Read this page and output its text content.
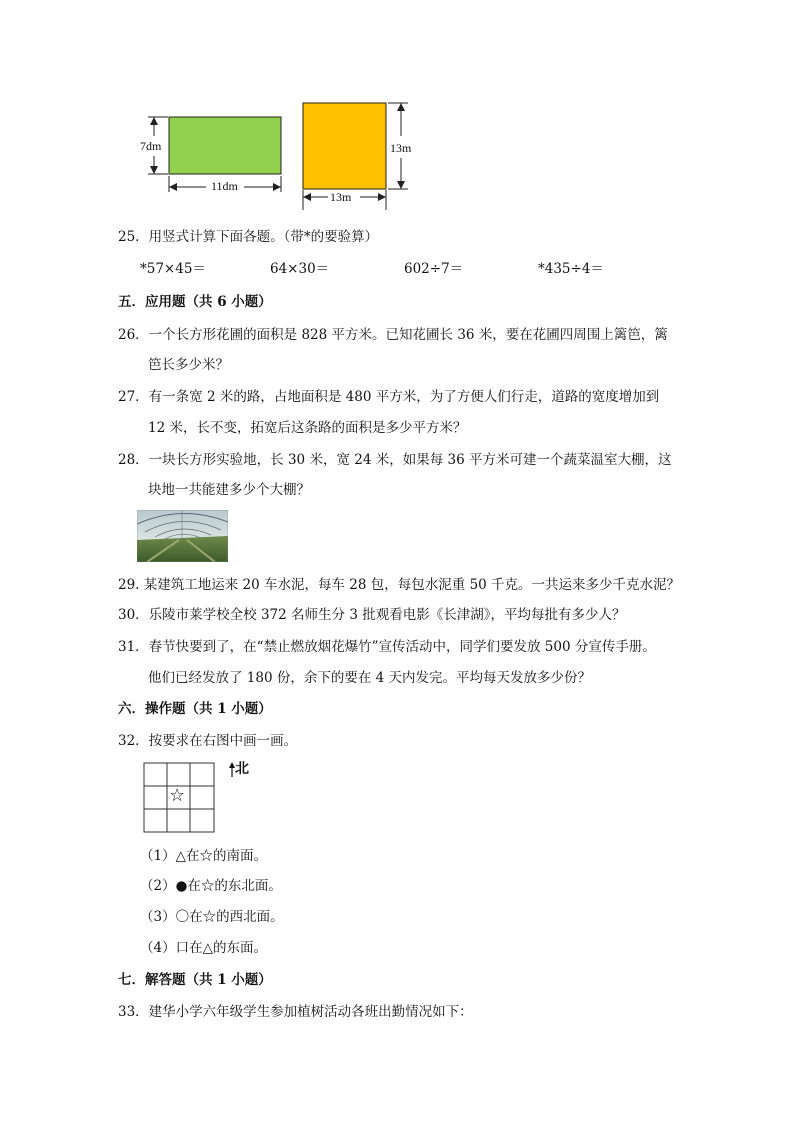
7dm
11dm
13m
13m
25．用竖式计算下面各题。（带*的要验算）
*57×45＝	64×30＝	602÷7＝	*435÷4＝
五．应用题（共 6 小题）
26．一个长方形花圃的面积是 828 平方米。已知花圃长 36 米，要在花圃四周围上篱笆，篱
笆长多少米？
27．有一条宽 2 米的路，占地面积是 480 平方米，为了方便人们行走，道路的宽度增加到
12 米，长不变，拓宽后这条路的面积是多少平方米？
28．一块长方形实验地，长 30 米，宽 24 米，如果每 36 平方米可建一个蔬菜温室大棚，这
块地一共能建多少个大棚？
29. 某建筑工地运来 20 车水泥，每车 28 包，每包水泥重 50 千克。一共运来多少千克水泥？
30．乐陵市莱学校全校 372 名师生分 3 批观看电影《长津湖》，平均每批有多少人？
31．春节快要到了，在“禁止燃放烟花爆竹”宣传活动中，同学们要发放 500 分宣传手册。
他们已经发放了 180 份，余下的要在 4 天内发完。平均每天发放多少份？
六．操作题（共 1 小题）
32．按要求在右图中画一画。
☆
北
（1）△在☆的南面。
（2）●在☆的东北面。
（3）〇在☆的西北面。
（4）口在△的东面。
七．解答题（共 1 小题）
33．建华小学六年级学生参加植树活动各班出勤情况如下：
